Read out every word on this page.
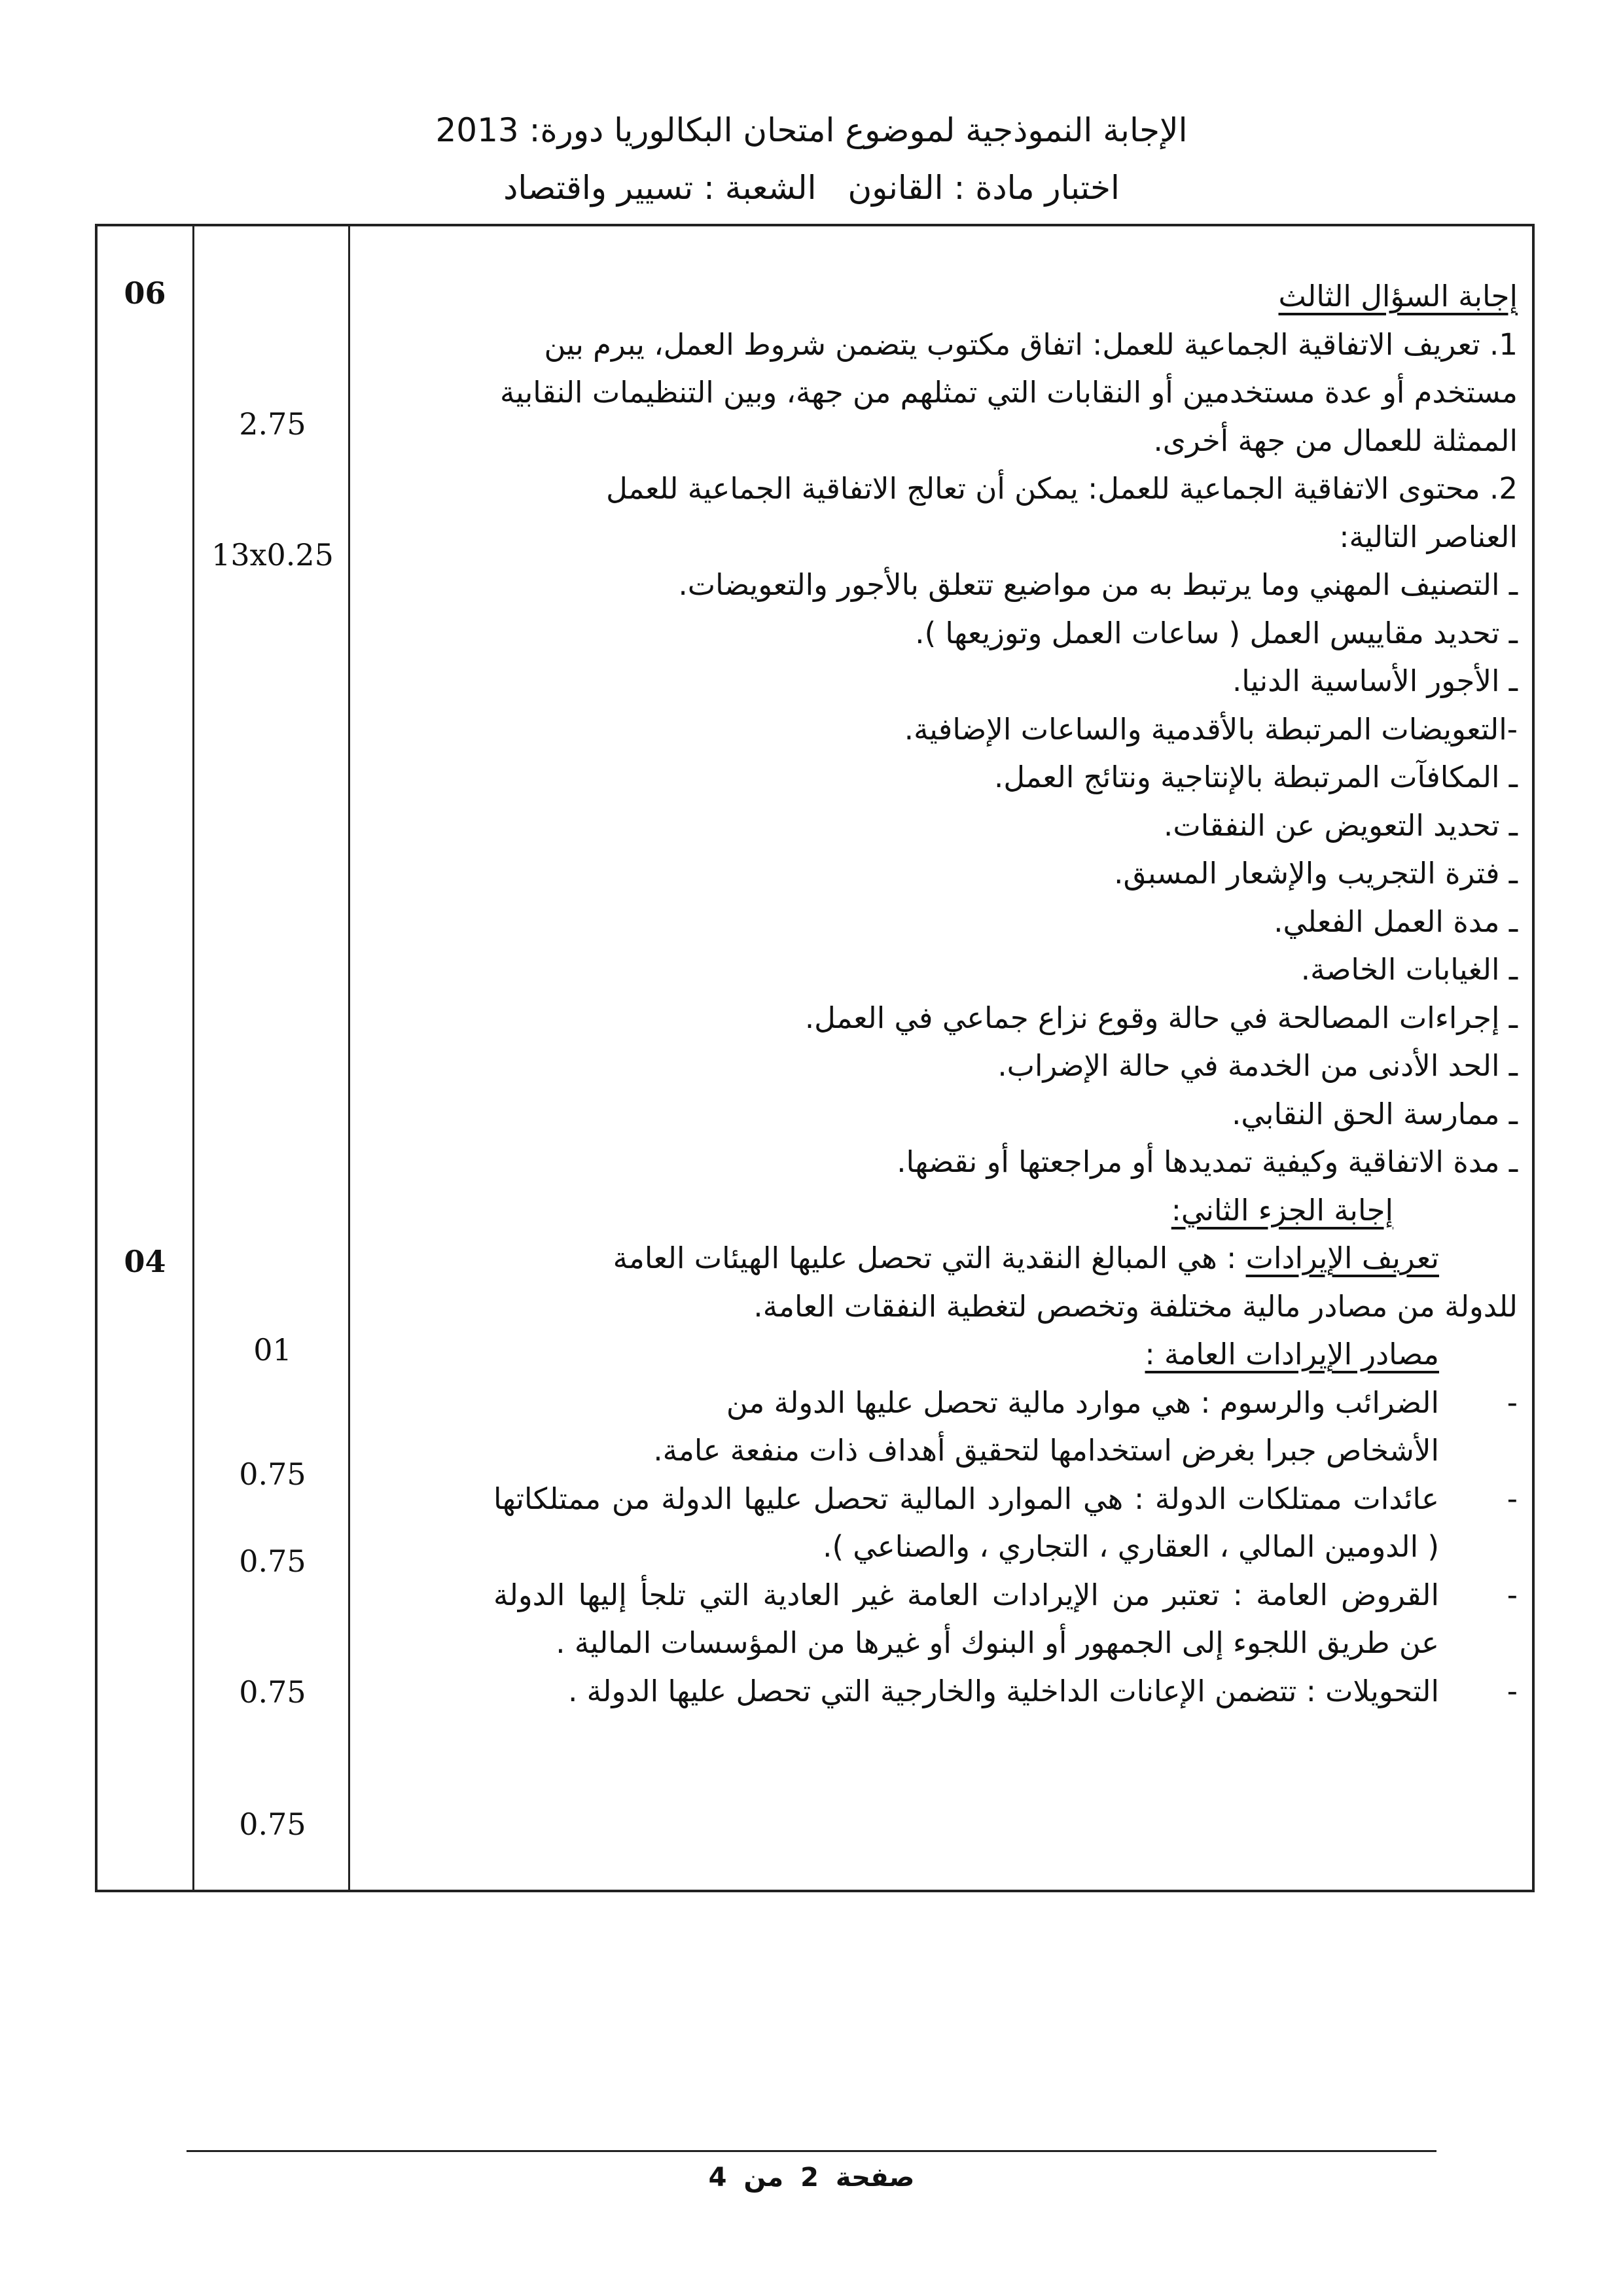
الإجابة النموذجية لموضوع امتحان البكالوريا دورة: 2013
اختبار مادة : القانون الشعبة : تسيير واقتصاد
06
04
2.75
13x0.25
01
0.75
0.75
0.75
0.75

إجابة السؤال الثالث

1. تعريف الاتفاقية الجماعية للعمل: اتفاق مكتوب يتضمن شروط العمل، يبرم بين

مستخدم أو عدة مستخدمين أو النقابات التي تمثلهم من جهة، وبين التنظيمات النقابية

الممثلة للعمال من جهة أخرى.

2. محتوى الاتفاقية الجماعية للعمل: يمكن أن تعالج الاتفاقية الجماعية للعمل

العناصر التالية:

ـ التصنيف المهني وما يرتبط به من مواضيع تتعلق بالأجور والتعويضات.
ـ تحديد مقاييس العمل ( ساعات العمل وتوزيعها ).
ـ الأجور الأساسية الدنيا.
-التعويضات المرتبطة بالأقدمية والساعات الإضافية.
ـ المكافآت المرتبطة بالإنتاجية ونتائج العمل.
ـ تحديد التعويض عن النفقات.
ـ فترة التجريب والإشعار المسبق.
ـ مدة العمل الفعلي.
ـ الغيابات الخاصة.
ـ إجراءات المصالحة في حالة وقوع نزاع جماعي في العمل.
ـ الحد الأدنى من الخدمة في حالة الإضراب.
ـ ممارسة الحق النقابي.
ـ مدة الاتفاقية وكيفية تمديدها أو مراجعتها أو نقضها.

إجابة الجزء الثاني:

تعريف الإيرادات : هي المبالغ النقدية التي تحصل عليها الهيئات العامة

للدولة من مصادر مالية مختلفة وتخصص لتغطية النفقات العامة.

مصادر الإيرادات العامة :

-

الضرائب والرسوم : هي موارد مالية تحصل عليها الدولة من

الأشخاص جبرا بغرض استخدامها لتحقيق أهداف ذات منفعة عامة.

-

عائدات ممتلكات الدولة : هي الموارد المالية تحصل عليها الدولة من ممتلكاتها ( الدومين المالي ، العقاري ، التجاري ، والصناعي ).

-

القروض العامة : تعتبر من الإيرادات العامة غير العادية التي تلجأ إليها الدولة عن طريق اللجوء إلى الجمهور أو البنوك أو غيرها من المؤسسات المالية .

-

التحويلات : تتضمن الإعانات الداخلية والخارجية التي تحصل عليها الدولة .

صفحة 2 من 4
